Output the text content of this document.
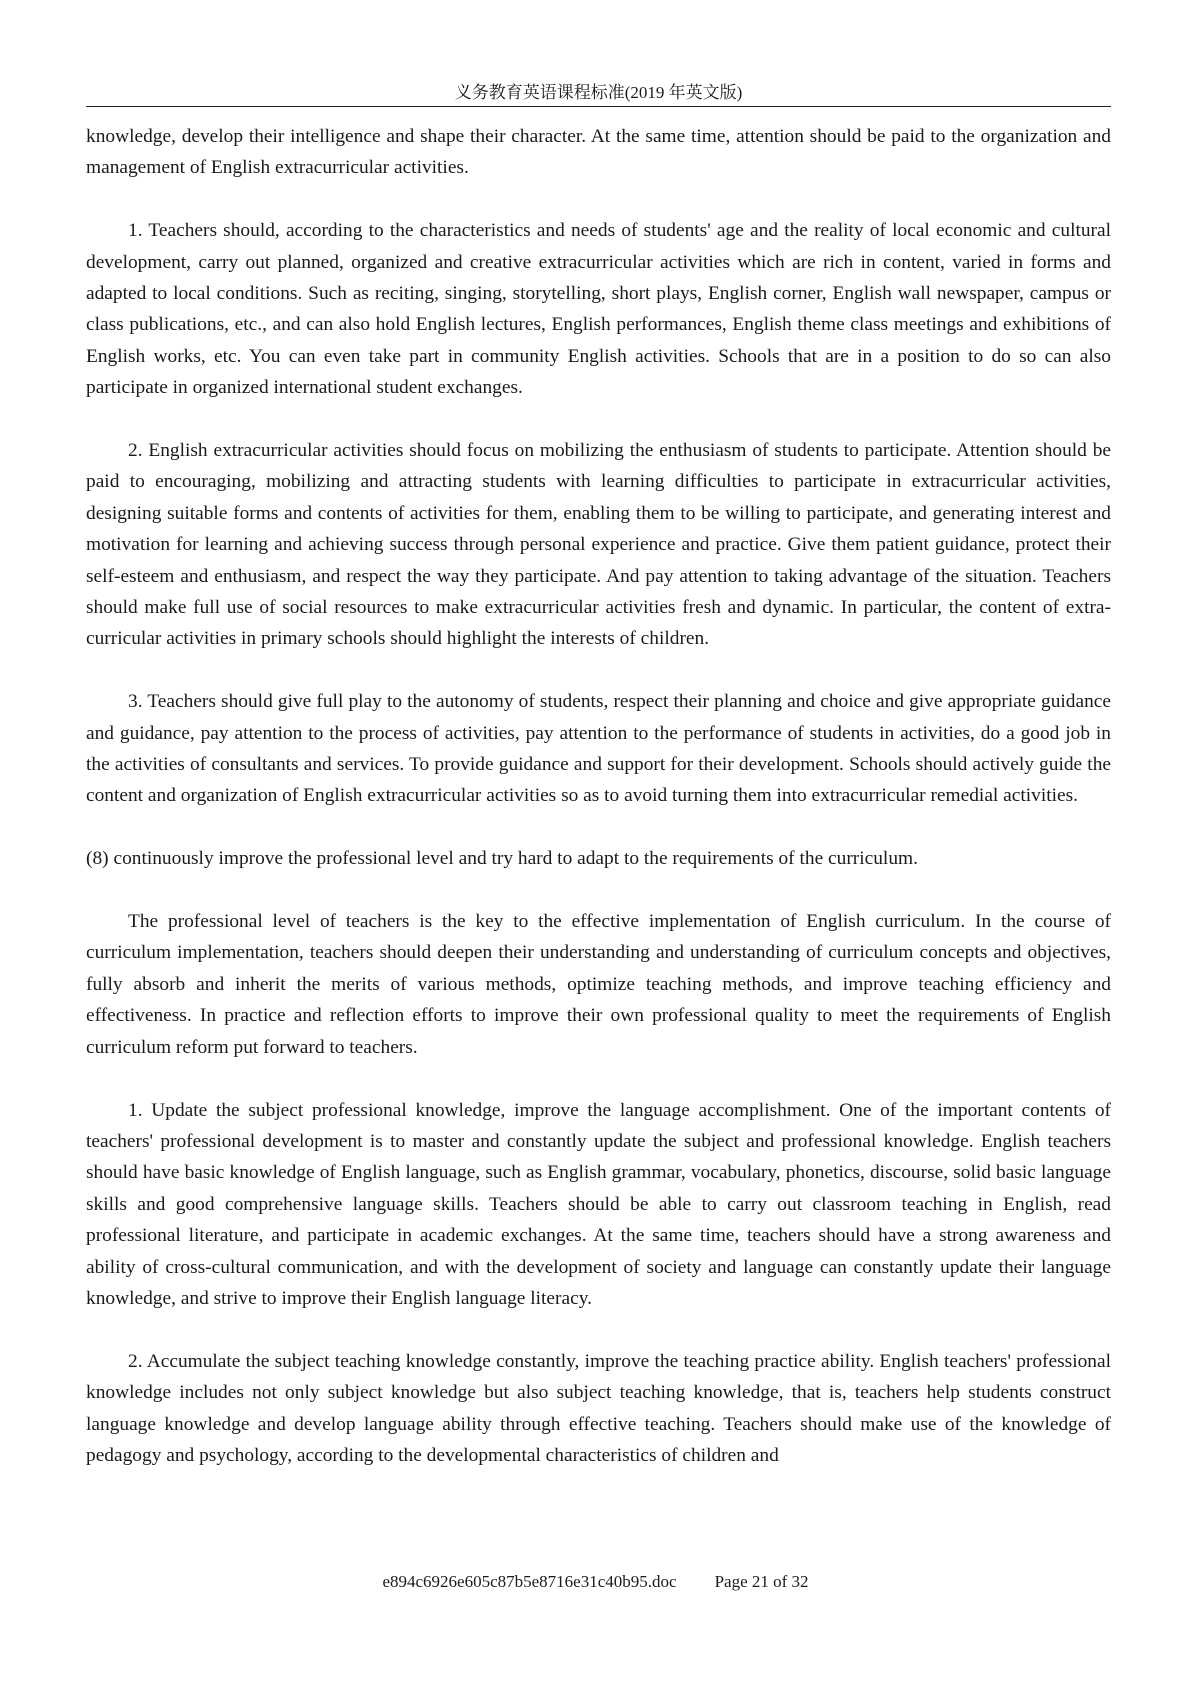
义务教育英语课程标准(2019 年英文版)

knowledge, develop their intelligence and shape their character. At the same time, attention should be paid to the organization and management of English extracurricular activities.

1. Teachers should, according to the characteristics and needs of students' age and the reality of local economic and cultural development, carry out planned, organized and creative extracurricular activities which are rich in content, varied in forms and adapted to local conditions. Such as reciting, singing, storytelling, short plays, English corner, English wall newspaper, campus or class publications, etc., and can also hold English lectures, English performances, English theme class meetings and exhibitions of English works, etc. You can even take part in community English activities. Schools that are in a position to do so can also participate in organized international student exchanges.

2. English extracurricular activities should focus on mobilizing the enthusiasm of students to participate. Attention should be paid to encouraging, mobilizing and attracting students with learning difficulties to participate in extracurricular activities, designing suitable forms and contents of activities for them, enabling them to be willing to participate, and generating interest and motivation for learning and achieving success through personal experience and practice. Give them patient guidance, protect their self-esteem and enthusiasm, and respect the way they participate. And pay attention to taking advantage of the situation. Teachers should make full use of social resources to make extracurricular activities fresh and dynamic. In particular, the content of extra-curricular activities in primary schools should highlight the interests of children.

3. Teachers should give full play to the autonomy of students, respect their planning and choice and give appropriate guidance and guidance, pay attention to the process of activities, pay attention to the performance of students in activities, do a good job in the activities of consultants and services. To provide guidance and support for their development. Schools should actively guide the content and organization of English extracurricular activities so as to avoid turning them into extracurricular remedial activities.

(8) continuously improve the professional level and try hard to adapt to the requirements of the curriculum.

The professional level of teachers is the key to the effective implementation of English curriculum. In the course of curriculum implementation, teachers should deepen their understanding and understanding of curriculum concepts and objectives, fully absorb and inherit the merits of various methods, optimize teaching methods, and improve teaching efficiency and effectiveness. In practice and reflection efforts to improve their own professional quality to meet the requirements of English curriculum reform put forward to teachers.

1. Update the subject professional knowledge, improve the language accomplishment. One of the important contents of teachers' professional development is to master and constantly update the subject and professional knowledge. English teachers should have basic knowledge of English language, such as English grammar, vocabulary, phonetics, discourse, solid basic language skills and good comprehensive language skills. Teachers should be able to carry out classroom teaching in English, read professional literature, and participate in academic exchanges. At the same time, teachers should have a strong awareness and ability of cross-cultural communication, and with the development of society and language can constantly update their language knowledge, and strive to improve their English language literacy.

2. Accumulate the subject teaching knowledge constantly, improve the teaching practice ability. English teachers' professional knowledge includes not only subject knowledge but also subject teaching knowledge, that is, teachers help students construct language knowledge and develop language ability through effective teaching. Teachers should make use of the knowledge of pedagogy and psychology, according to the developmental characteristics of children and

e894c6926e605c87b5e8716e31c40b95.doc Page 21 of 32
